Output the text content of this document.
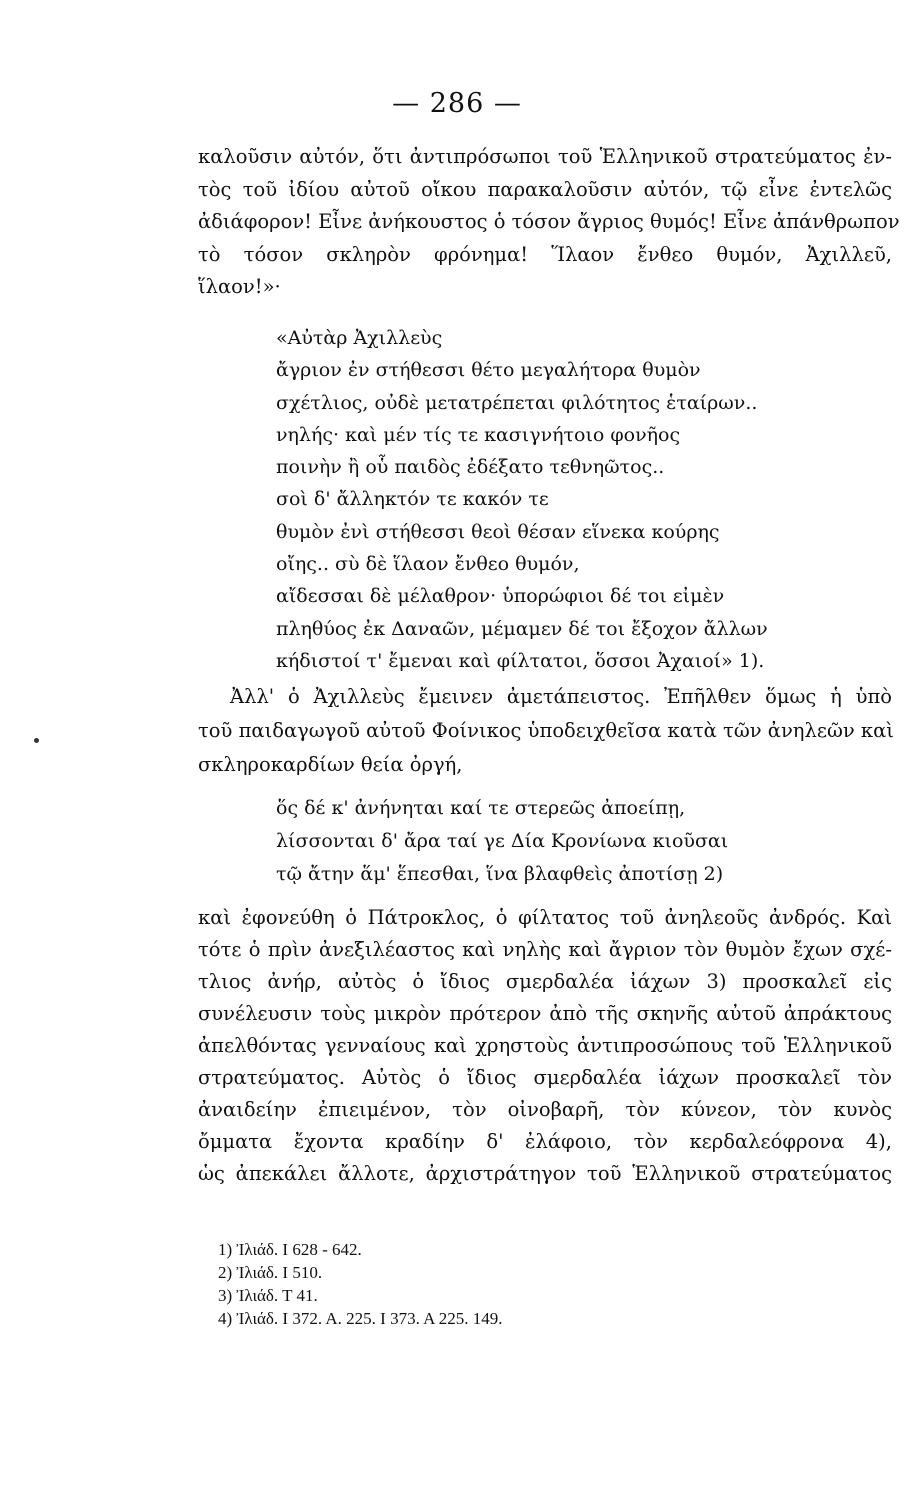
— 286 —
καλοῦσιν αὐτόν, ὅτι ἀντιπρόσωποι τοῦ Ἑλληνικοῦ στρατεύματος ἐν-
τὸς τοῦ ἰδίου αὐτοῦ οἴκου παρακαλοῦσιν αὐτόν, τῷ εἶνε ἐντελῶς
ἀδιάφορον! Εἶνε ἀνήκουστος ὁ τόσον ἄγριος θυμός! Εἶνε ἀπάνθρωπον
τὸ τόσον σκληρὸν φρόνημα! Ἵλαον ἔνθεο θυμόν, Ἀχιλλεῦ,
ἵλαον!»·
«Αὐτὰρ Ἀχιλλεὺς
ἄγριον ἐν στήθεσσι θέτο μεγαλήτορα θυμὸν
σχέτλιος, οὐδὲ μετατρέπεται φιλότητος ἑταίρων..
νηλής· καὶ μέν τίς τε κασιγνήτοιο φονῆος
ποινὴν ἢ οὗ παιδὸς ἐδέξατο τεθνηῶτος..
σοὶ δ' ἄλληκτόν τε κακόν τε
θυμὸν ἐνὶ στήθεσσι θεοὶ θέσαν εἵνεκα κούρης
οἴης.. σὺ δὲ ἵλαον ἔνθεο θυμόν,
αἴδεσσαι δὲ μέλαθρον· ὑπορώφιοι δέ τοι εἰμὲν
πληθύος ἐκ Δαναῶν, μέμαμεν δέ τοι ἔξοχον ἄλλων
κήδιστοί τ' ἔμεναι καὶ φίλτατοι, ὅσσοι Ἀχαιοί» 1).
Ἀλλ' ὁ Ἀχιλλεὺς ἔμεινεν ἀμετάπειστος. Ἐπῆλθεν ὅμως ἡ ὑπὸ
τοῦ παιδαγωγοῦ αὐτοῦ Φοίνικος ὑποδειχθεῖσα κατὰ τῶν ἀνηλεῶν καὶ
σκληροκαρδίων θεία ὀργή,
ὅς δέ κ' ἀνήνηται καί τε στερεῶς ἀποείπῃ,
λίσσονται δ' ἄρα ταί γε Δία Κρονίωνα κιοῦσαι
τῷ ἄτην ἅμ' ἕπεσθαι, ἵνα βλαφθεὶς ἀποτίσῃ 2)
καὶ ἐφονεύθη ὁ Πάτροκλος, ὁ φίλτατος τοῦ ἀνηλεοῦς ἀνδρός. Καὶ
τότε ὁ πρὶν ἀνεξιλέαστος καὶ νηλὴς καὶ ἄγριον τὸν θυμὸν ἔχων σχέ-
τλιος ἀνήρ, αὐτὸς ὁ ἴδιος σμερδαλέα ἰάχων 3) προσκαλεῖ εἰς
συνέλευσιν τοὺς μικρὸν πρότερον ἀπὸ τῆς σκηνῆς αὐτοῦ ἀπράκτους
ἀπελθόντας γενναίους καὶ χρηστοὺς ἀντιπροσώπους τοῦ Ἑλληνικοῦ
στρατεύματος. Αὐτὸς ὁ ἴδιος σμερδαλέα ἰάχων προσκαλεῖ τὸν
ἀναιδείην ἐπιειμένον, τὸν οἰνοβαρῆ, τὸν κύνεον, τὸν κυνὸς
ὄμματα ἔχοντα κραδίην δ' ἐλάφοιο, τὸν κερδαλεόφρονα 4),
ὡς ἀπεκάλει ἄλλοτε, ἀρχιστράτηγον τοῦ Ἑλληνικοῦ στρατεύματος
1) Ἰλιάδ. Ι 628 - 642.
2) Ἰλιάδ. Ι 510.
3) Ἰλιάδ. Τ 41.
4) Ἰλιάδ. Ι 372. Α. 225. Ι 373. Α 225. 149.
